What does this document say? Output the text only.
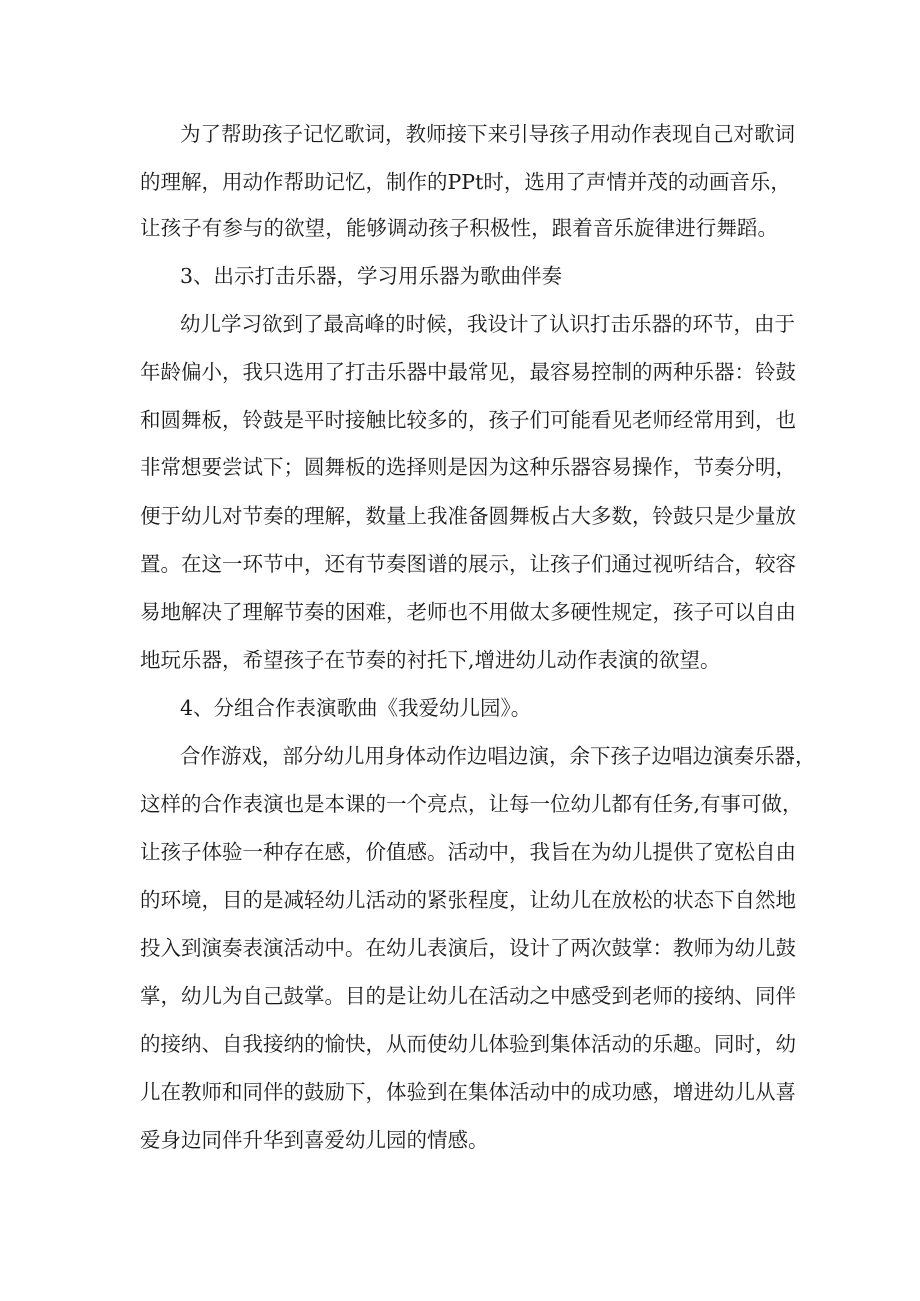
为了帮助孩子记忆歌词，教师接下来引导孩子用动作表现自己对歌词
的理解，用动作帮助记忆，制作的PPt时，选用了声情并茂的动画音乐，
让孩子有参与的欲望，能够调动孩子积极性，跟着音乐旋律进行舞蹈。
3、出示打击乐器，学习用乐器为歌曲伴奏
幼儿学习欲到了最高峰的时候，我设计了认识打击乐器的环节，由于
年龄偏小，我只选用了打击乐器中最常见，最容易控制的两种乐器：铃鼓
和圆舞板，铃鼓是平时接触比较多的，孩子们可能看见老师经常用到，也
非常想要尝试下；圆舞板的选择则是因为这种乐器容易操作，节奏分明，
便于幼儿对节奏的理解，数量上我准备圆舞板占大多数，铃鼓只是少量放
置。在这一环节中，还有节奏图谱的展示，让孩子们通过视听结合，较容
易地解决了理解节奏的困难，老师也不用做太多硬性规定，孩子可以自由
地玩乐器，希望孩子在节奏的衬托下,增进幼儿动作表演的欲望。
4、分组合作表演歌曲《我爱幼儿园》。
合作游戏，部分幼儿用身体动作边唱边演，余下孩子边唱边演奏乐器，
这样的合作表演也是本课的一个亮点，让每一位幼儿都有任务,有事可做，
让孩子体验一种存在感，价值感。活动中，我旨在为幼儿提供了宽松自由
的环境，目的是减轻幼儿活动的紧张程度，让幼儿在放松的状态下自然地
投入到演奏表演活动中。在幼儿表演后，设计了两次鼓掌：教师为幼儿鼓
掌，幼儿为自己鼓掌。目的是让幼儿在活动之中感受到老师的接纳、同伴
的接纳、自我接纳的愉快，从而使幼儿体验到集体活动的乐趣。同时，幼
儿在教师和同伴的鼓励下，体验到在集体活动中的成功感，增进幼儿从喜
爱身边同伴升华到喜爱幼儿园的情感。
